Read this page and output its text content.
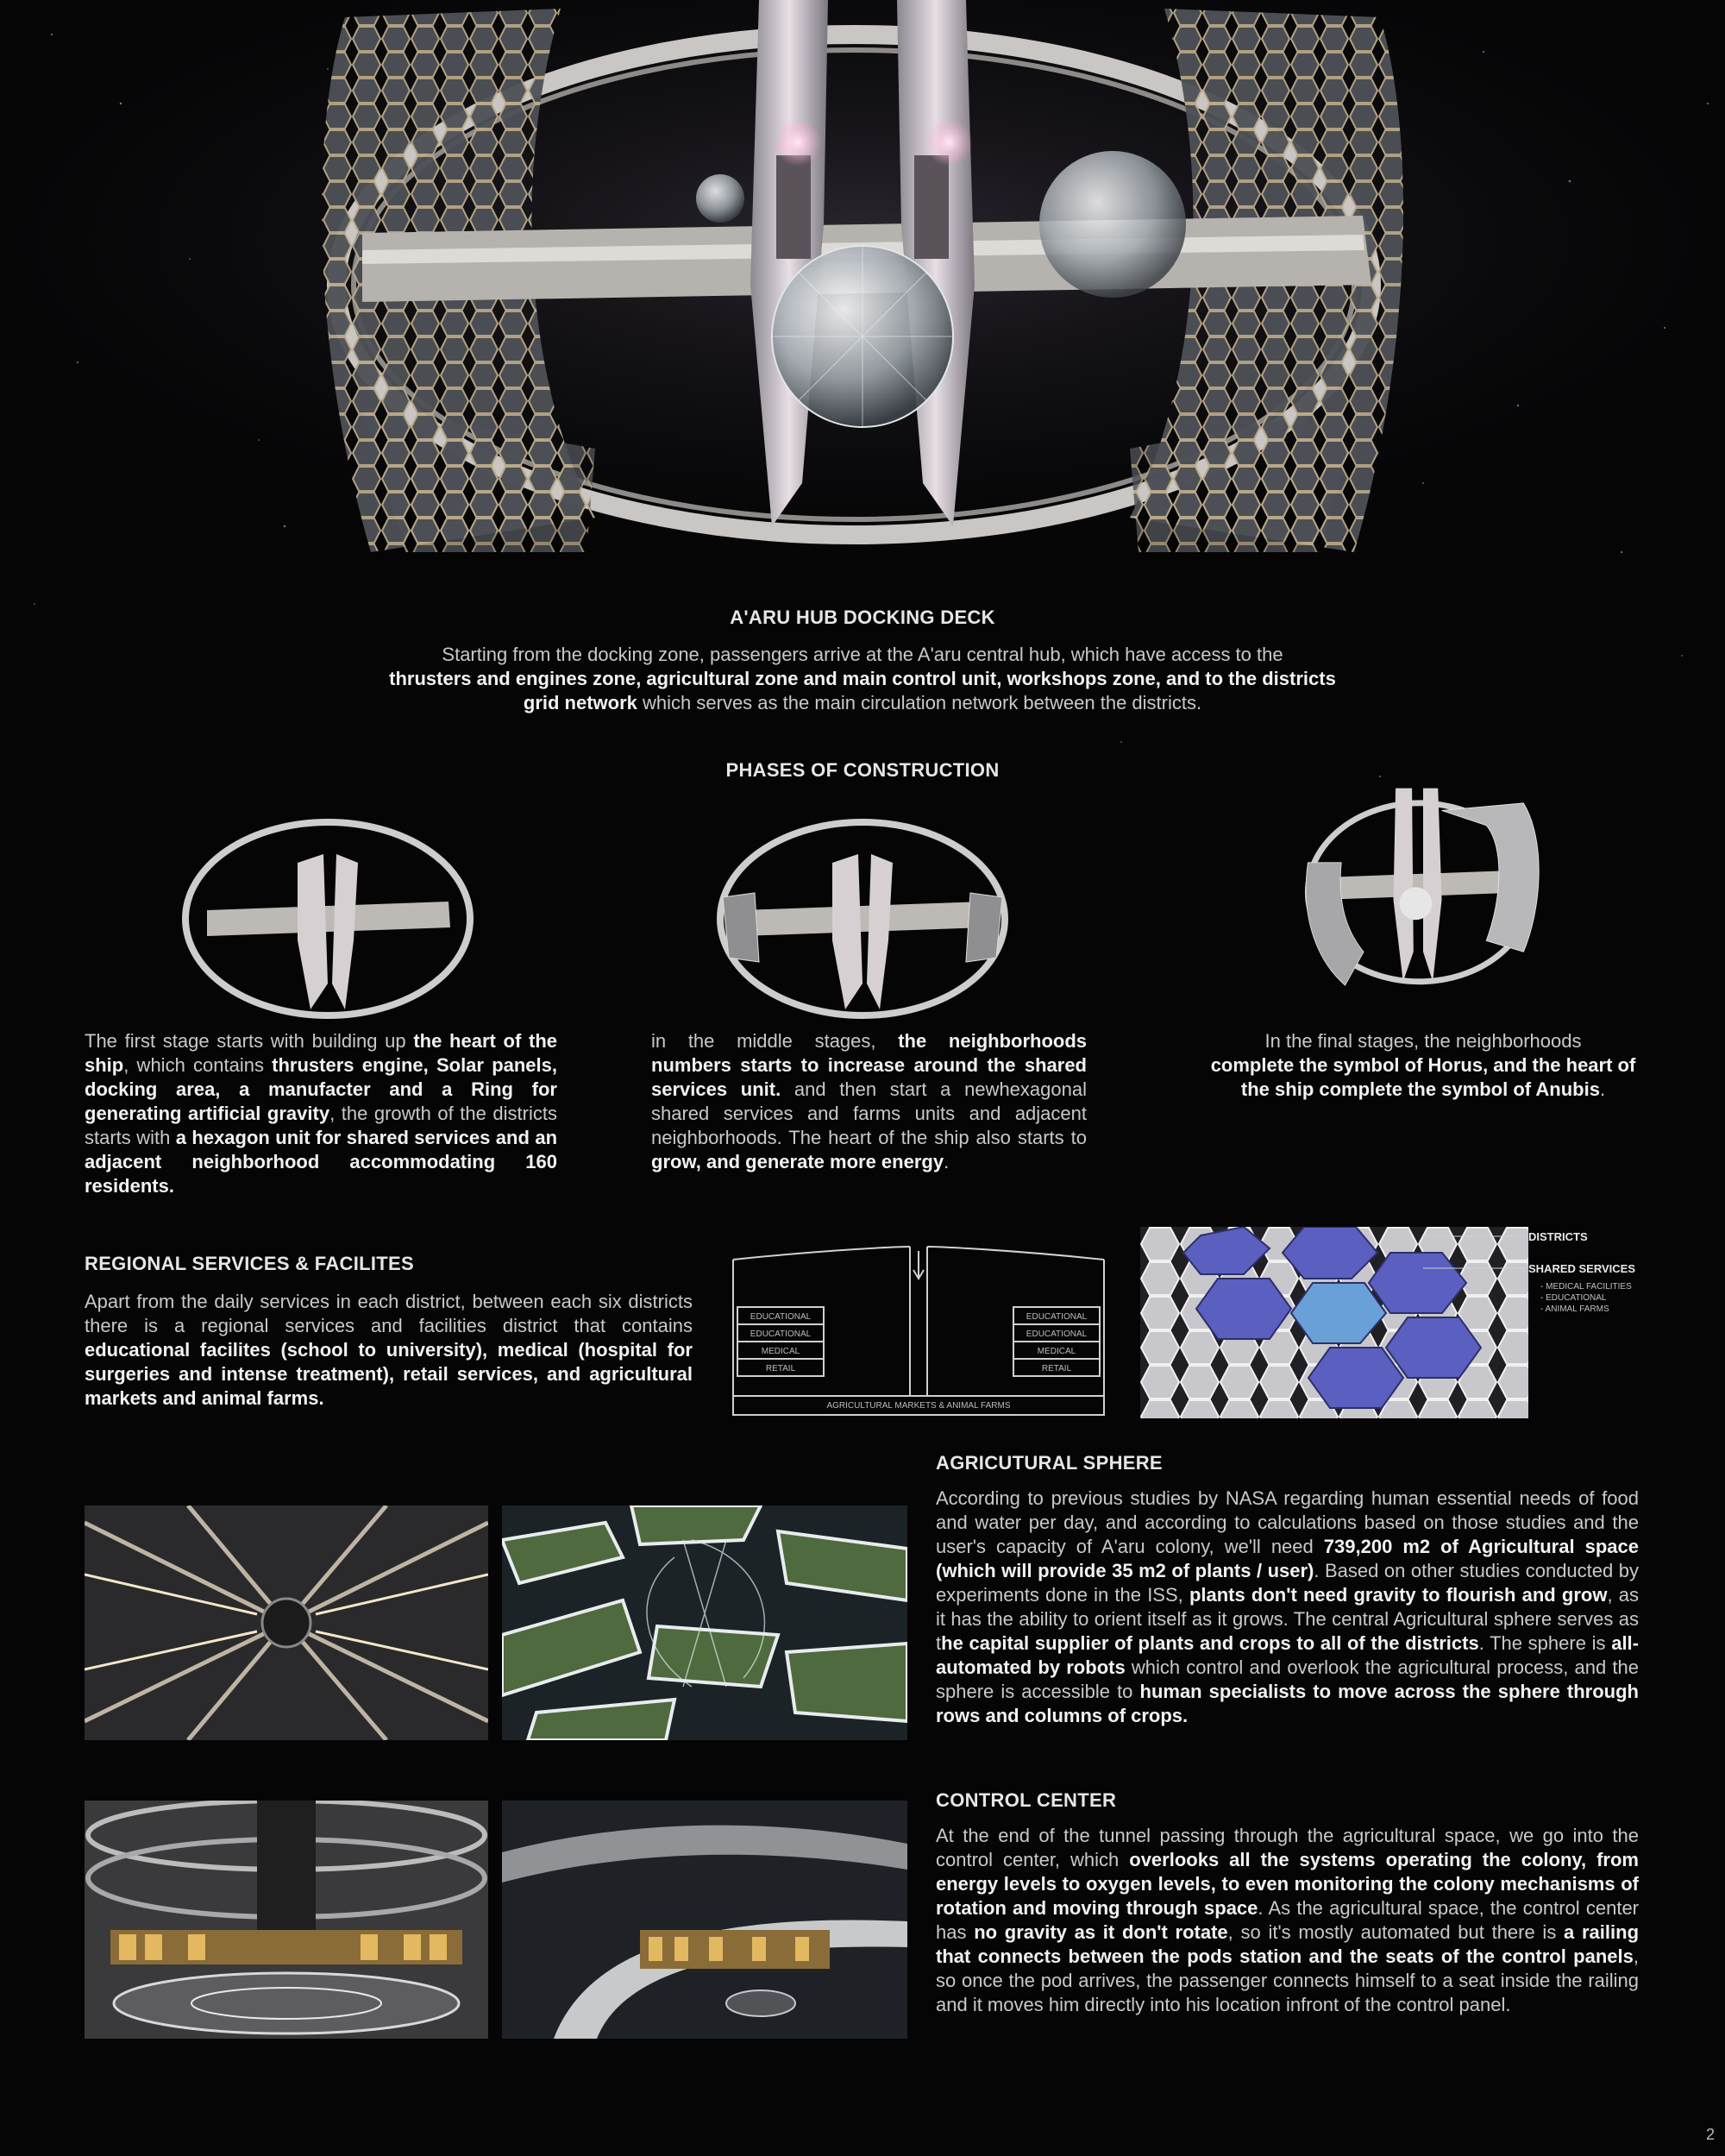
A'ARU HUB DOCKING DECK

Starting from the docking zone, passengers arrive at the A'aru central hub, which have access to the
thrusters and engines zone, agricultural zone and main control unit, workshops zone, and to the districts
grid network which serves as the main circulation network between the districts.

PHASES OF CONSTRUCTION

The first stage starts with building up the heart of the ship, which contains thrusters engine, Solar panels, docking area, a manufacter and a Ring for generating artificial gravity, the growth of the districts starts with a hexagon unit for shared services and an adjacent neighborhood accommodating 160 residents.

in the middle stages, the neighborhoods numbers starts to increase around the shared services unit. and then start a newhexagonal shared services and farms units and adjacent neighborhoods. The heart of the ship also starts to grow, and generate more energy.

In the final stages, the neighborhoods
complete the symbol of Horus, and the heart of the ship complete the symbol of Anubis.

REGIONAL SERVICES & FACILITES

Apart from the daily services in each district, between each six districts there is a regional services and facilities district that contains educational facilites (school to university), medical (hospital for surgeries and intense treatment), retail services, and agricultural markets and animal farms.

EDUCATIONAL
EDUCATIONAL
MEDICAL
RETAIL
EDUCATIONAL
EDUCATIONAL
MEDICAL
RETAIL
AGRICULTURAL MARKETS & ANIMAL FARMS
DISTRICTS
SHARED SERVICES
- MEDICAL FACILITIES
- EDUCATIONAL
- ANIMAL FARMS
AGRICUTURAL SPHERE

According to previous studies by NASA regarding human essential needs of food and water per day, and according to calculations based on those studies and the user's capacity of A'aru colony, we'll need 739,200 m2 of Agricultural space (which will provide 35 m2 of plants / user). Based on other studies conducted by experiments done in the ISS, plants don't need gravity to flourish and grow, as it has the ability to orient itself as it grows. The central Agricultural sphere serves as the capital supplier of plants and crops to all of the districts. The sphere is all-automated by robots which control and overlook the agricultural process, and the sphere is accessible to human specialists to move across the sphere through rows and columns of crops.

CONTROL CENTER

At the end of the tunnel passing through the agricultural space, we go into the control center, which overlooks all the systems operating the colony, from energy levels to oxygen levels, to even monitoring the colony mechanisms of rotation and moving through space. As the agricultural space, the control center has no gravity as it don't rotate, so it's mostly automated but there is a railing that connects between the pods station and the seats of the control panels, so once the pod arrives, the passenger connects himself to a seat inside the railing and it moves him directly into his location infront of the control panel.

2
